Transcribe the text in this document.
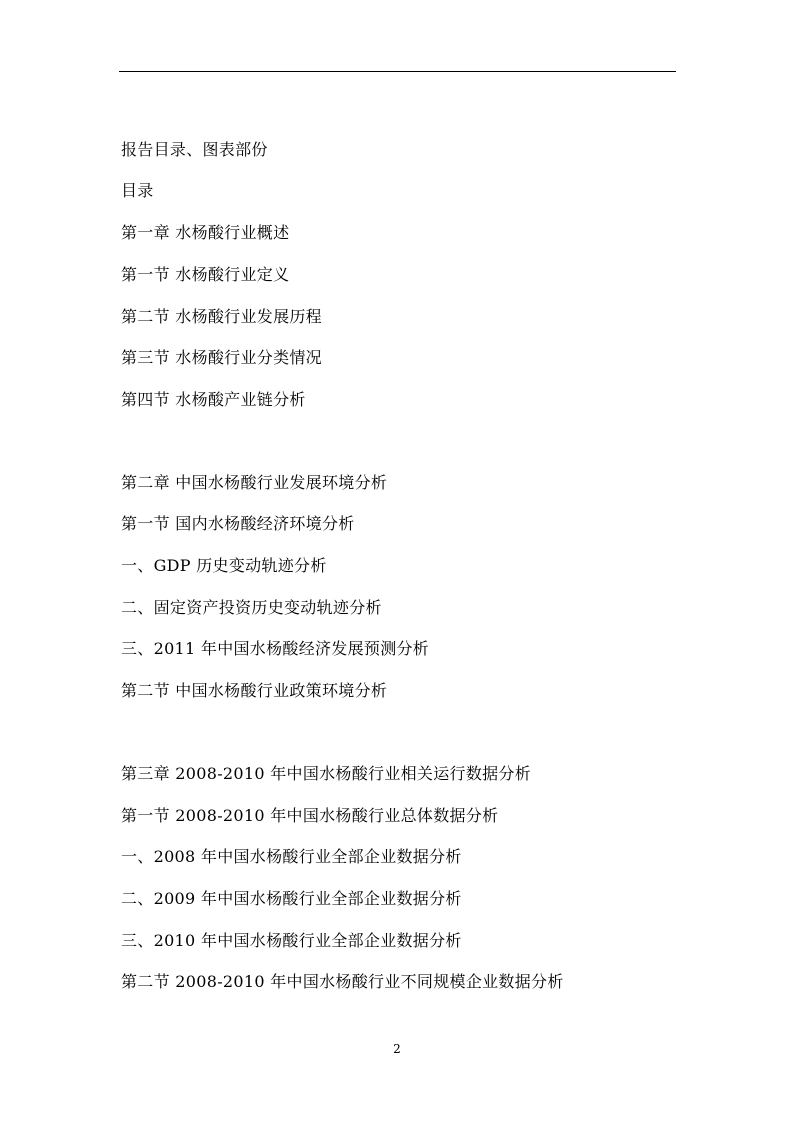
报告目录、图表部份
目录
第一章 水杨酸行业概述
第一节 水杨酸行业定义
第二节 水杨酸行业发展历程
第三节 水杨酸行业分类情况
第四节 水杨酸产业链分析
第二章 中国水杨酸行业发展环境分析
第一节 国内水杨酸经济环境分析
一、GDP 历史变动轨迹分析
二、固定资产投资历史变动轨迹分析
三、2011 年中国水杨酸经济发展预测分析
第二节 中国水杨酸行业政策环境分析
第三章 2008-2010 年中国水杨酸行业相关运行数据分析
第一节 2008-2010 年中国水杨酸行业总体数据分析
一、2008 年中国水杨酸行业全部企业数据分析
二、2009 年中国水杨酸行业全部企业数据分析
三、2010 年中国水杨酸行业全部企业数据分析
第二节 2008-2010 年中国水杨酸行业不同规模企业数据分析
2
